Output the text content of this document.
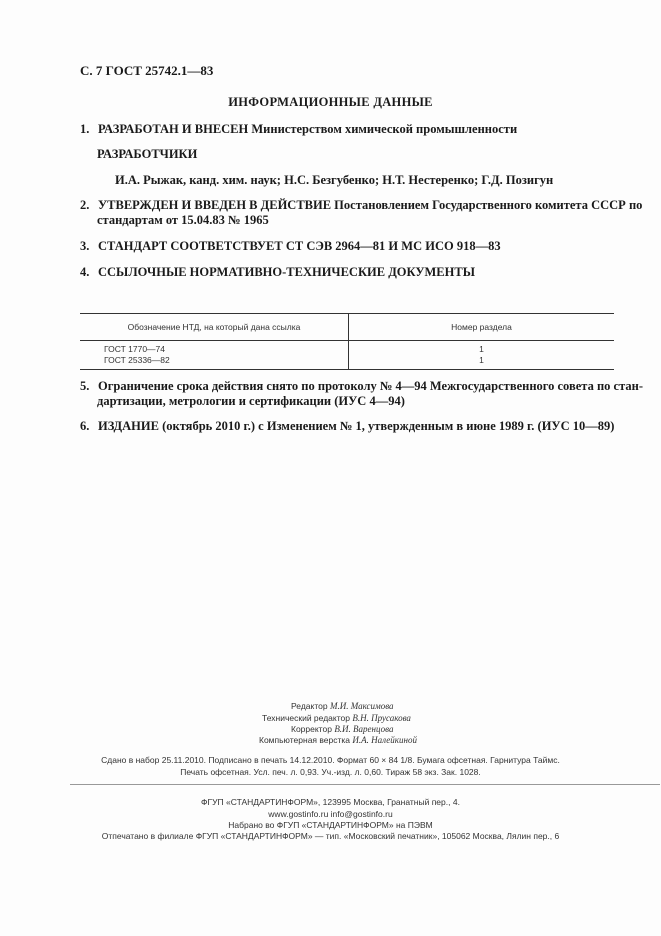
С. 7 ГОСТ 25742.1—83
ИНФОРМАЦИОННЫЕ ДАННЫЕ
1. РАЗРАБОТАН И ВНЕСЕН Министерством химической промышленности
РАЗРАБОТЧИКИ
И.А. Рыжак, канд. хим. наук; Н.С. Безгубенко; Н.Т. Нестеренко; Г.Д. Позигун
2. УТВЕРЖДЕН И ВВЕДЕН В ДЕЙСТВИЕ Постановлением Государственного комитета СССР по
стандартам от 15.04.83 № 1965
3. СТАНДАРТ СООТВЕТСТВУЕТ СТ СЭВ 2964—81 И МС ИСО 918—83
4. ССЫЛОЧНЫЕ НОРМАТИВНО-ТЕХНИЧЕСКИЕ ДОКУМЕНТЫ
Обозначение НТД, на который дана ссылка	Номер раздела
ГОСТ 1770—74	1
ГОСТ 25336—82	1
5. Ограничение срока действия снято по протоколу № 4—94 Межгосударственного совета по стан-
дартизации, метрологии и сертификации (ИУС 4—94)
6. ИЗДАНИЕ (октябрь 2010 г.) с Изменением № 1, утвержденным в июне 1989 г. (ИУС 10—89)
Редактор М.И. Максимова
Технический редактор В.Н. Прусакова
Корректор В.И. Варенцова
Компьютерная верстка И.А. Налейкиной
Сдано в набор 25.11.2010. Подписано в печать 14.12.2010. Формат 60 × 84 1/8. Бумага офсетная. Гарнитура Таймс.
Печать офсетная. Усл. печ. л. 0,93. Уч.-изд. л. 0,60. Тираж 58 экз. Зак. 1028.
ФГУП «СТАНДАРТИНФОРМ», 123995 Москва, Гранатный пер., 4.
www.gostinfo.ru info@gostinfo.ru
Набрано во ФГУП «СТАНДАРТИНФОРМ» на ПЭВМ
Отпечатано в филиале ФГУП «СТАНДАРТИНФОРМ» — тип. «Московский печатник», 105062 Москва, Лялин пер., 6
